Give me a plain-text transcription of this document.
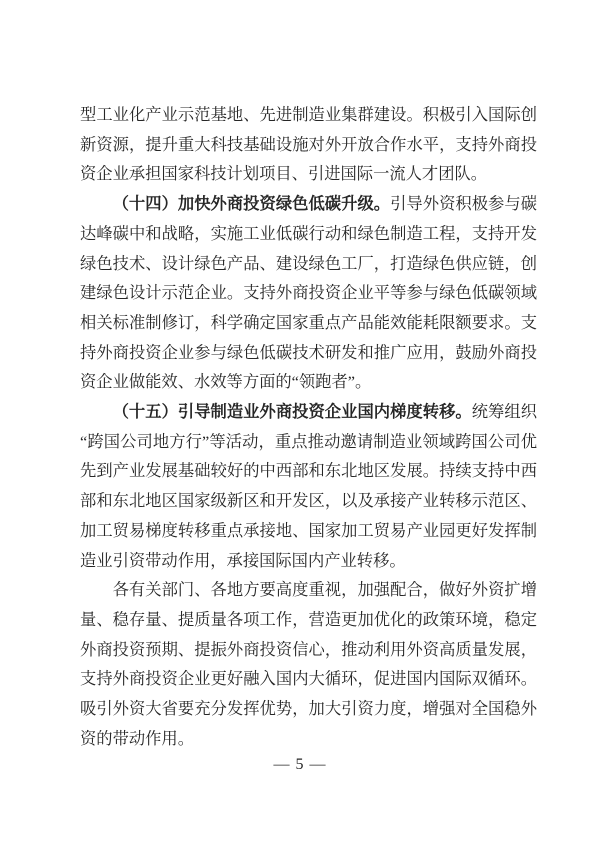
型工业化产业示范基地、先进制造业集群建设。积极引入国际创新资源，提升重大科技基础设施对外开放合作水平，支持外商投资企业承担国家科技计划项目、引进国际一流人才团队。

（十四）加快外商投资绿色低碳升级。引导外资积极参与碳达峰碳中和战略，实施工业低碳行动和绿色制造工程，支持开发绿色技术、设计绿色产品、建设绿色工厂，打造绿色供应链，创建绿色设计示范企业。支持外商投资企业平等参与绿色低碳领域相关标准制修订，科学确定国家重点产品能效能耗限额要求。支持外商投资企业参与绿色低碳技术研发和推广应用，鼓励外商投资企业做能效、水效等方面的“领跑者”。

（十五）引导制造业外商投资企业国内梯度转移。统筹组织“跨国公司地方行”等活动，重点推动邀请制造业领域跨国公司优先到产业发展基础较好的中西部和东北地区发展。持续支持中西部和东北地区国家级新区和开发区，以及承接产业转移示范区、加工贸易梯度转移重点承接地、国家加工贸易产业园更好发挥制造业引资带动作用，承接国际国内产业转移。

各有关部门、各地方要高度重视，加强配合，做好外资扩增量、稳存量、提质量各项工作，营造更加优化的政策环境，稳定外商投资预期、提振外商投资信心，推动利用外资高质量发展，支持外商投资企业更好融入国内大循环，促进国内国际双循环。吸引外资大省要充分发挥优势，加大引资力度，增强对全国稳外资的带动作用。

— 5 —
